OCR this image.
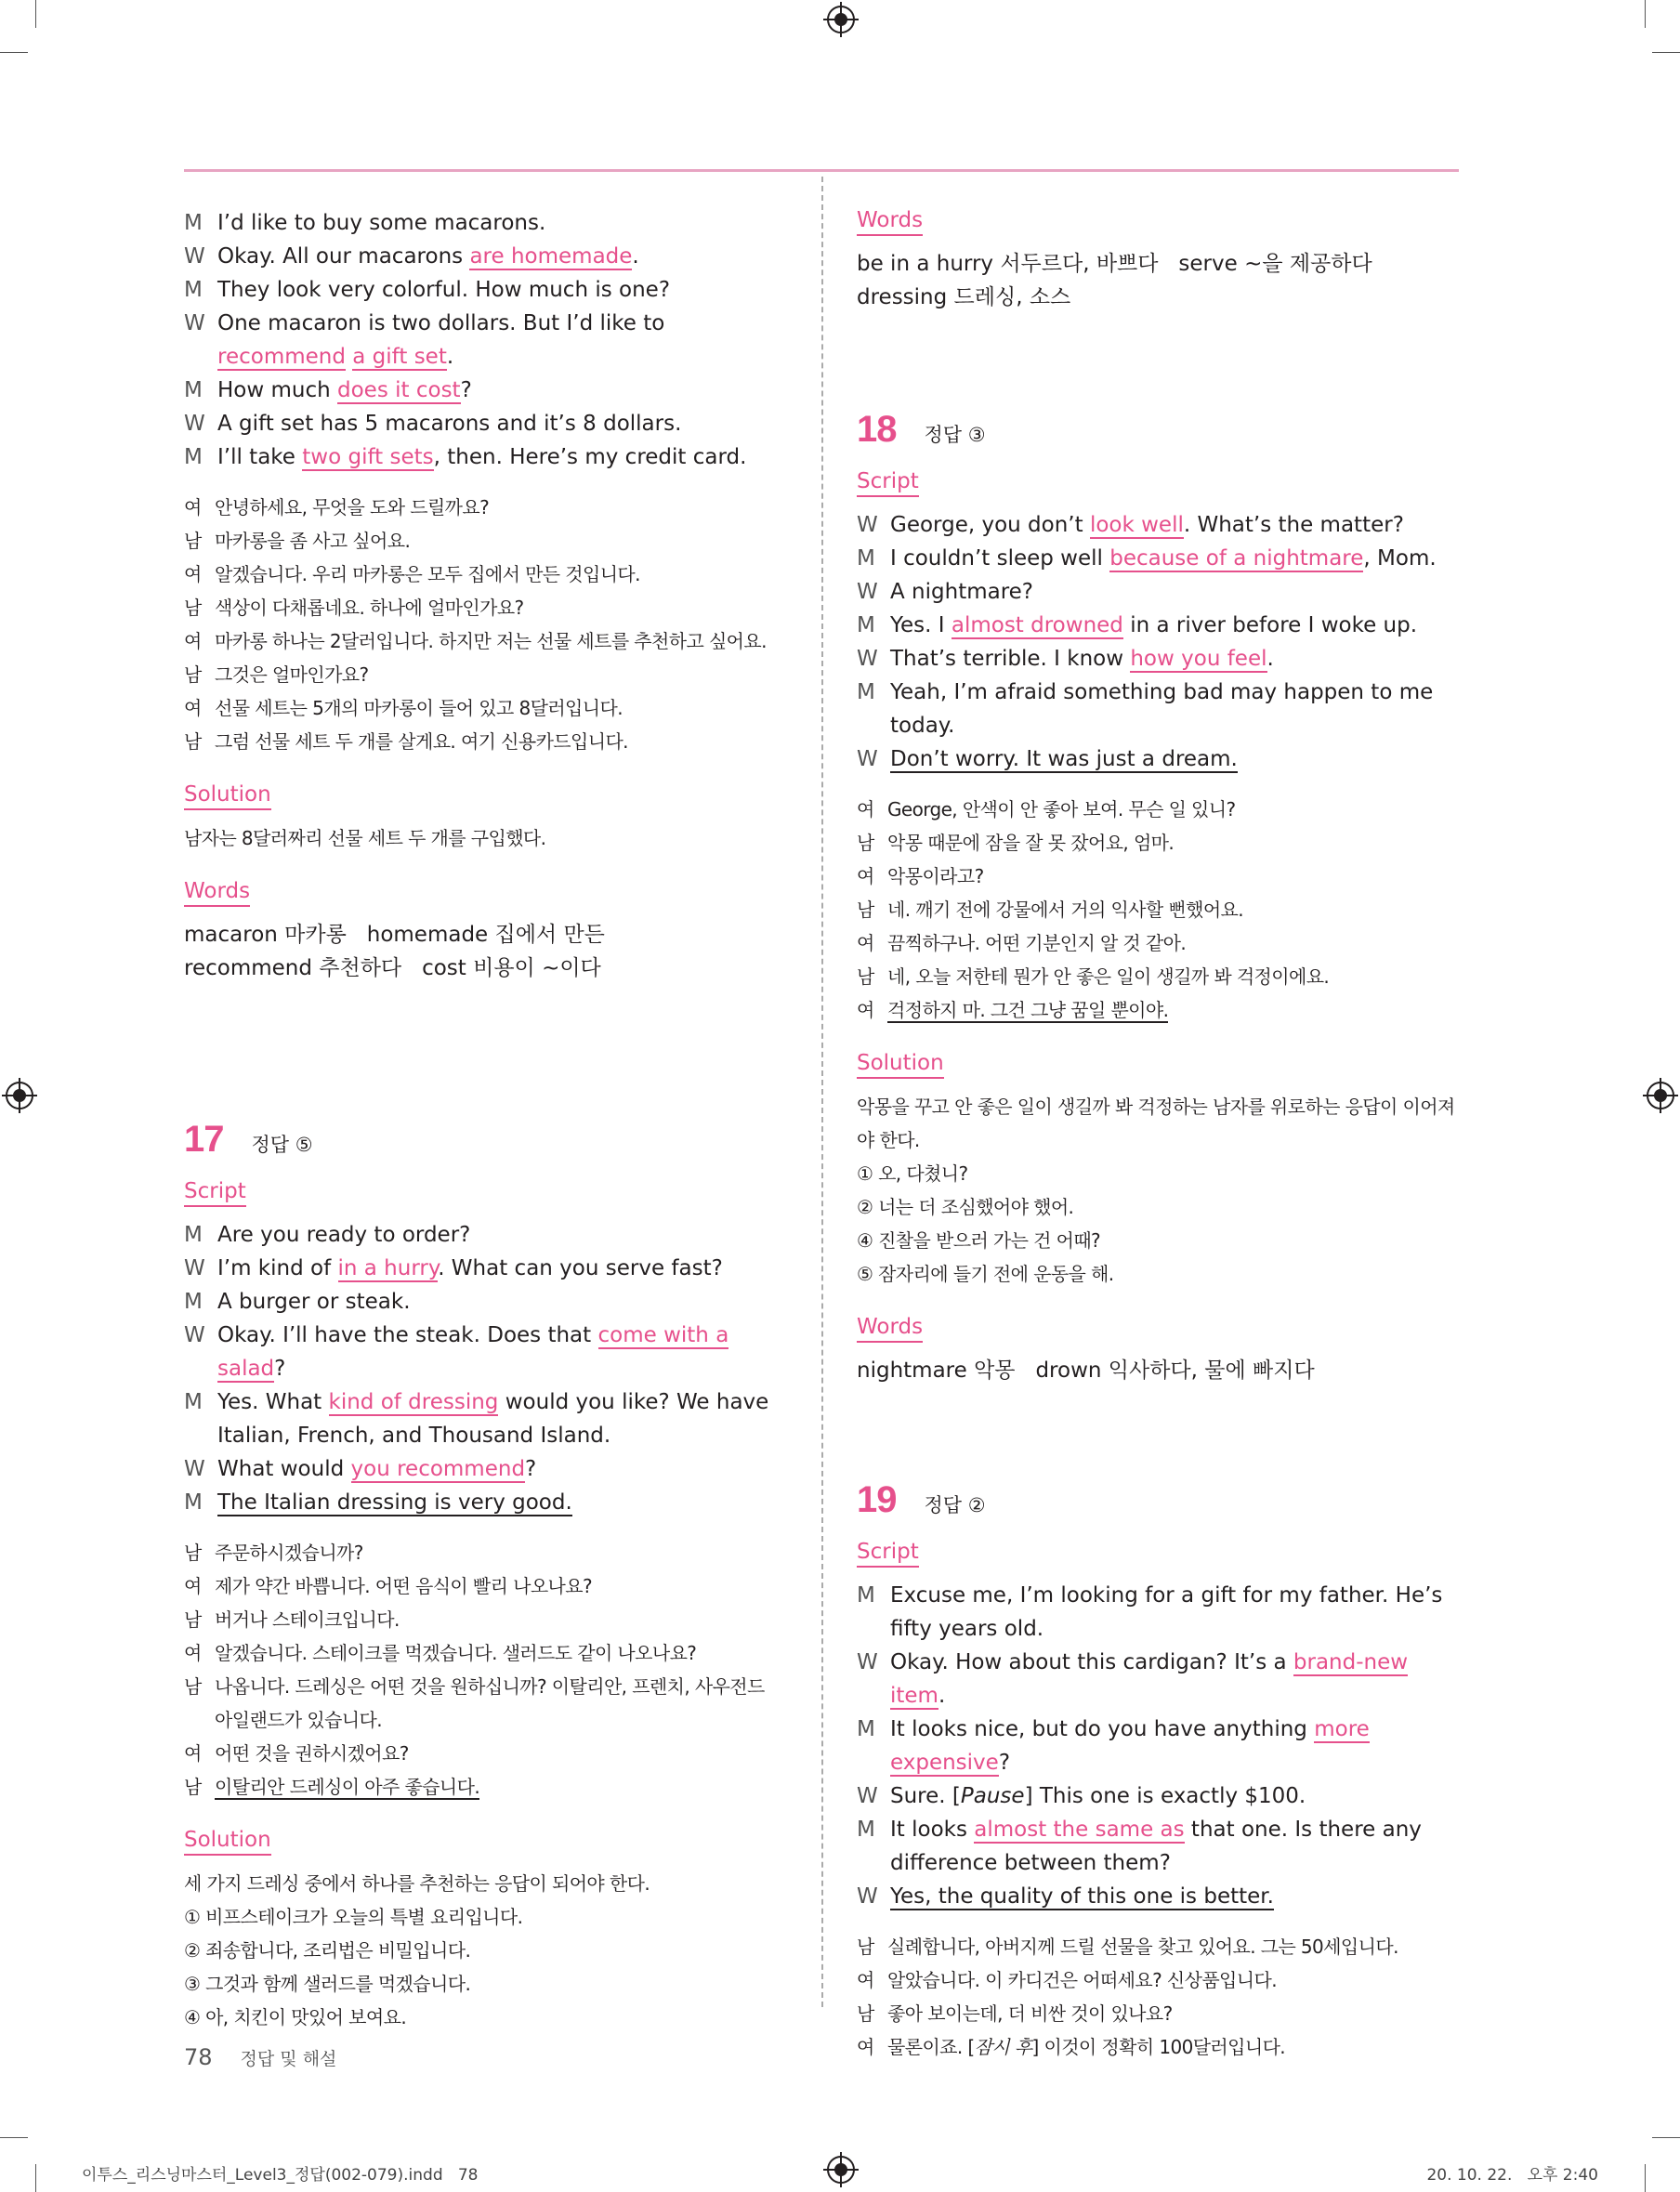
M I’d like to buy some macarons.
W Okay. All our macarons are homemade.
M They look very colorful. How much is one?
W One macaron is two dollars. But I’d like to recommend a gift set.
M How much does it cost?
W A gift set has 5 macarons and it’s 8 dollars.
M I’ll take two gift sets, then. Here’s my credit card.
여 안녕하세요, 무엇을 도와 드릴까요?
남 마카롱을 좀 사고 싶어요.
여 알겠습니다. 우리 마카롱은 모두 집에서 만든 것입니다.
남 색상이 다채롭네요. 하나에 얼마인가요?
여 마카롱 하나는 2달러입니다. 하지만 저는 선물 세트를 추천하고 싶어요.
남 그것은 얼마인가요?
여 선물 세트는 5개의 마카롱이 들어 있고 8달러입니다.
남 그럼 선물 세트 두 개를 살게요. 여기 신용카드입니다.
Solution
남자는 8달러짜리 선물 세트 두 개를 구입했다.
Words
macaron 마카롱   homemade 집에서 만든
recommend 추천하다   cost 비용이 ~이다
17 정답 ⑤
Script
M Are you ready to order?
W I’m kind of in a hurry. What can you serve fast?
M A burger or steak.
W Okay. I’ll have the steak. Does that come with a salad?
M Yes. What kind of dressing would you like? We have Italian, French, and Thousand Island.
W What would you recommend?
M The Italian dressing is very good.
남 주문하시겠습니까?
여 제가 약간 바쁩니다. 어떤 음식이 빨리 나오나요?
남 버거나 스테이크입니다.
여 알겠습니다. 스테이크를 먹겠습니다. 샐러드도 같이 나오나요?
남 나옵니다. 드레싱은 어떤 것을 원하십니까? 이탈리안, 프렌치, 사우전드 아일랜드가 있습니다.
여 어떤 것을 권하시겠어요?
남 이탈리안 드레싱이 아주 좋습니다.
Solution
세 가지 드레싱 중에서 하나를 추천하는 응답이 되어야 한다.
① 비프스테이크가 오늘의 특별 요리입니다.
② 죄송합니다, 조리법은 비밀입니다.
③ 그것과 함께 샐러드를 먹겠습니다.
④ 아, 치킨이 맛있어 보여요.
Words
be in a hurry 서두르다, 바쁘다   serve ~을 제공하다
dressing 드레싱, 소스
18 정답 ③
Script
W George, you don’t look well. What’s the matter?
M I couldn’t sleep well because of a nightmare, Mom.
W A nightmare?
M Yes. I almost drowned in a river before I woke up.
W That’s terrible. I know how you feel.
M Yeah, I’m afraid something bad may happen to me today.
W Don’t worry. It was just a dream.
여 George, 안색이 안 좋아 보여. 무슨 일 있니?
남 악몽 때문에 잠을 잘 못 잤어요, 엄마.
여 악몽이라고?
남 네. 깨기 전에 강물에서 거의 익사할 뻔했어요.
여 끔찍하구나. 어떤 기분인지 알 것 같아.
남 네, 오늘 저한테 뭔가 안 좋은 일이 생길까 봐 걱정이에요.
여 걱정하지 마. 그건 그냥 꿈일 뿐이야.
Solution
악몽을 꾸고 안 좋은 일이 생길까 봐 걱정하는 남자를 위로하는 응답이 이어져야 한다.
① 오, 다쳤니?
② 너는 더 조심했어야 했어.
④ 진찰을 받으러 가는 건 어때?
⑤ 잠자리에 들기 전에 운동을 해.
Words
nightmare 악몽   drown 익사하다, 물에 빠지다
19 정답 ②
Script
M Excuse me, I’m looking for a gift for my father. He’s fifty years old.
W Okay. How about this cardigan? It’s a brand-new item.
M It looks nice, but do you have anything more expensive?
W Sure. [Pause] This one is exactly $100.
M It looks almost the same as that one. Is there any difference between them?
W Yes, the quality of this one is better.
남 실례합니다, 아버지께 드릴 선물을 찾고 있어요. 그는 50세입니다.
여 알았습니다. 이 카디건은 어떠세요? 신상품입니다.
남 좋아 보이는데, 더 비싼 것이 있나요?
여 물론이죠. [잠시 후] 이것이 정확히 100달러입니다.
78 정답 및 해설
이투스_리스닝마스터_Level3_정답(002-079).indd   78	20. 10. 22.   오후 2:40
